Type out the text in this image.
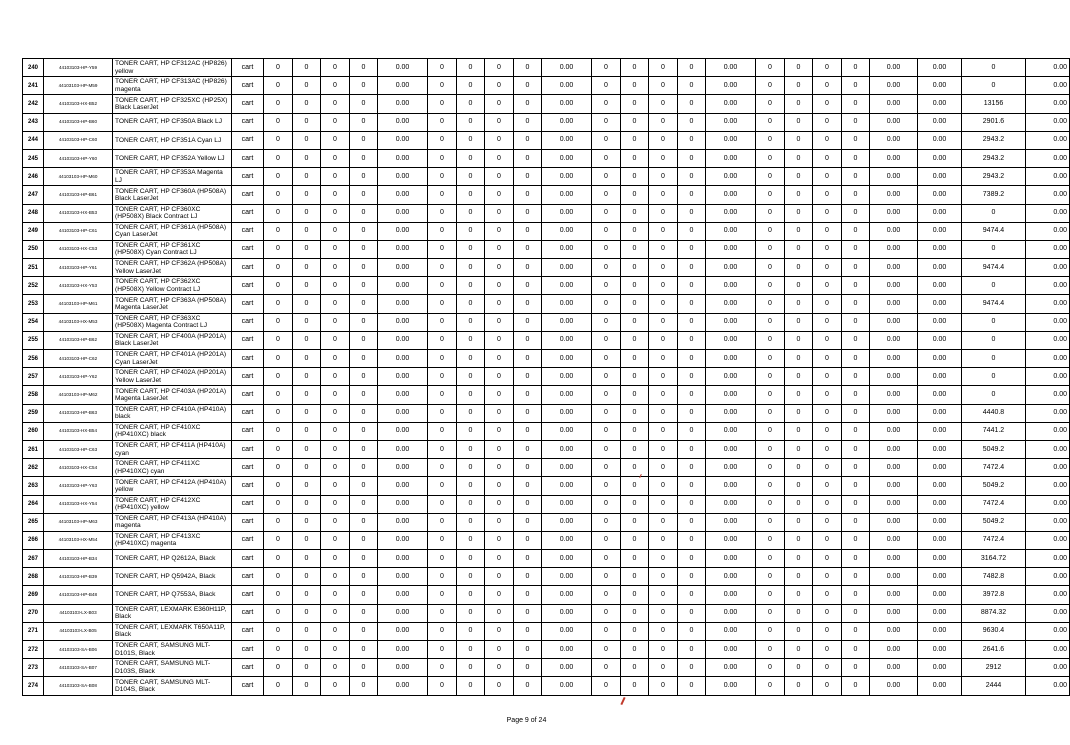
240	44103103-HP-Y59	TONER CART, HP CF312AC (HP826) yellow	cart	0	0	0	0	0.00	0	0	0	0	0.00	0	0	0	0	0.00	0	0	0	0	0.00	0.00	0	0.00
241	44103103-HP-M59	TONER CART, HP CF313AC (HP826) magenta	cart	0	0	0	0	0.00	0	0	0	0	0.00	0	0	0	0	0.00	0	0	0	0	0.00	0.00	0	0.00
242	44103103-HX-B52	TONER CART, HP CF325XC (HP25X) Black LaserJet	cart	0	0	0	0	0.00	0	0	0	0	0.00	0	0	0	0	0.00	0	0	0	0	0.00	0.00	13156	0.00
243	44103103-HP-B60	TONER CART, HP CF350A Black LJ	cart	0	0	0	0	0.00	0	0	0	0	0.00	0	0	0	0	0.00	0	0	0	0	0.00	0.00	2901.6	0.00
244	44103103-HP-C60	TONER CART, HP CF351A Cyan LJ	cart	0	0	0	0	0.00	0	0	0	0	0.00	0	0	0	0	0.00	0	0	0	0	0.00	0.00	2943.2	0.00
245	44103103-HP-Y60	TONER CART, HP CF352A Yellow LJ	cart	0	0	0	0	0.00	0	0	0	0	0.00	0	0	0	0	0.00	0	0	0	0	0.00	0.00	2943.2	0.00
246	44103103-HP-M60	TONER CART, HP CF353A Magenta LJ	cart	0	0	0	0	0.00	0	0	0	0	0.00	0	0	0	0	0.00	0	0	0	0	0.00	0.00	2943.2	0.00
247	44103103-HP-B61	TONER CART, HP CF360A (HP508A) Black LaserJet	cart	0	0	0	0	0.00	0	0	0	0	0.00	0	0	0	0	0.00	0	0	0	0	0.00	0.00	7389.2	0.00
248	44103103-HX-B53	TONER CART, HP CF360XC (HP508X) Black Contract LJ	cart	0	0	0	0	0.00	0	0	0	0	0.00	0	0	0	0	0.00	0	0	0	0	0.00	0.00	0	0.00
249	44103103-HP-C61	TONER CART, HP CF361A (HP508A) Cyan LaserJet	cart	0	0	0	0	0.00	0	0	0	0	0.00	0	0	0	0	0.00	0	0	0	0	0.00	0.00	9474.4	0.00
250	44103103-HX-C53	TONER CART, HP CF361XC (HP508X) Cyan Contract LJ	cart	0	0	0	0	0.00	0	0	0	0	0.00	0	0	0	0	0.00	0	0	0	0	0.00	0.00	0	0.00
251	44103103-HP-Y61	TONER CART, HP CF362A (HP508A) Yellow LaserJet	cart	0	0	0	0	0.00	0	0	0	0	0.00	0	0	0	0	0.00	0	0	0	0	0.00	0.00	9474.4	0.00
252	44103103-HX-Y53	TONER CART, HP CF362XC (HP508X) Yellow Contract LJ	cart	0	0	0	0	0.00	0	0	0	0	0.00	0	0	0	0	0.00	0	0	0	0	0.00	0.00	0	0.00
253	44103103-HP-M61	TONER CART, HP CF363A (HP508A) Magenta LaserJet	cart	0	0	0	0	0.00	0	0	0	0	0.00	0	0	0	0	0.00	0	0	0	0	0.00	0.00	9474.4	0.00
254	44103103-HX-M53	TONER CART, HP CF363XC (HP508X) Magenta Contract LJ	cart	0	0	0	0	0.00	0	0	0	0	0.00	0	0	0	0	0.00	0	0	0	0	0.00	0.00	0	0.00
255	44103103-HP-B62	TONER CART, HP CF400A (HP201A) Black LaserJet	cart	0	0	0	0	0.00	0	0	0	0	0.00	0	0	0	0	0.00	0	0	0	0	0.00	0.00	0	0.00
256	44103103-HP-C62	TONER CART, HP CF401A (HP201A) Cyan LaserJet	cart	0	0	0	0	0.00	0	0	0	0	0.00	0	0	0	0	0.00	0	0	0	0	0.00	0.00	0	0.00
257	44103103-HP-Y62	TONER CART, HP CF402A (HP201A) Yellow LaserJet	cart	0	0	0	0	0.00	0	0	0	0	0.00	0	0	0	0	0.00	0	0	0	0	0.00	0.00	0	0.00
258	44103103-HP-M62	TONER CART, HP CF403A (HP201A) Magenta LaserJet	cart	0	0	0	0	0.00	0	0	0	0	0.00	0	0	0	0	0.00	0	0	0	0	0.00	0.00	0	0.00
259	44103103-HP-B63	TONER CART, HP CF410A (HP410A) black	cart	0	0	0	0	0.00	0	0	0	0	0.00	0	0	0	0	0.00	0	0	0	0	0.00	0.00	4440.8	0.00
260	44103103-HX-B54	TONER CART, HP CF410XC (HP410XC) black	cart	0	0	0	0	0.00	0	0	0	0	0.00	0	0	0	0	0.00	0	0	0	0	0.00	0.00	7441.2	0.00
261	44103103-HP-C63	TONER CART, HP CF411A (HP410A) cyan	cart	0	0	0	0	0.00	0	0	0	0	0.00	0	0	0	0	0.00	0	0	0	0	0.00	0.00	5049.2	0.00
262	44103103-HX-C54	TONER CART, HP CF411XC (HP410XC) cyan	cart	0	0	0	0	0.00	0	0	0	0	0.00	0	0	0	0	0.00	0	0	0	0	0.00	0.00	7472.4	0.00
263	44103103-HP-Y63	TONER CART, HP CF412A (HP410A) yellow	cart	0	0	0	0	0.00	0	0	0	0	0.00	0	0	0	0	0.00	0	0	0	0	0.00	0.00	5049.2	0.00
264	44103103-HX-Y54	TONER CART, HP CF412XC (HP410XC) yellow	cart	0	0	0	0	0.00	0	0	0	0	0.00	0	0	0	0	0.00	0	0	0	0	0.00	0.00	7472.4	0.00
265	44103103-HP-M63	TONER CART, HP CF413A (HP410A) magenta	cart	0	0	0	0	0.00	0	0	0	0	0.00	0	0	0	0	0.00	0	0	0	0	0.00	0.00	5049.2	0.00
266	44103103-HX-M54	TONER CART, HP CF413XC (HP410XC) magenta	cart	0	0	0	0	0.00	0	0	0	0	0.00	0	0	0	0	0.00	0	0	0	0	0.00	0.00	7472.4	0.00
267	44103103-HP-B34	TONER CART, HP Q2612A, Black	cart	0	0	0	0	0.00	0	0	0	0	0.00	0	0	0	0	0.00	0	0	0	0	0.00	0.00	3164.72	0.00
268	44103103-HP-B39	TONER CART, HP Q5942A, Black	cart	0	0	0	0	0.00	0	0	0	0	0.00	0	0	0	0	0.00	0	0	0	0	0.00	0.00	7482.8	0.00
269	44103103-HP-B48	TONER CART, HP Q7553A, Black	cart	0	0	0	0	0.00	0	0	0	0	0.00	0	0	0	0	0.00	0	0	0	0	0.00	0.00	3972.8	0.00
270	44103103-LX-B03	TONER CART, LEXMARK E360H11P, Black	cart	0	0	0	0	0.00	0	0	0	0	0.00	0	0	0	0	0.00	0	0	0	0	0.00	0.00	8874.32	0.00
271	44103103-LX-B05	TONER CART, LEXMARK T650A11P, Black	cart	0	0	0	0	0.00	0	0	0	0	0.00	0	0	0	0	0.00	0	0	0	0	0.00	0.00	9630.4	0.00
272	44103103-SA-B06	TONER CART, SAMSUNG MLT-D101S, Black	cart	0	0	0	0	0.00	0	0	0	0	0.00	0	0	0	0	0.00	0	0	0	0	0.00	0.00	2641.6	0.00
273	44103103-SA-B07	TONER CART, SAMSUNG MLT-D103S, Black	cart	0	0	0	0	0.00	0	0	0	0	0.00	0	0	0	0	0.00	0	0	0	0	0.00	0.00	2912	0.00
274	44103103-SA-B08	TONER CART, SAMSUNG MLT-D104S, Black	cart	0	0	0	0	0.00	0	0	0	0	0.00	0	0	0	0	0.00	0	0	0	0	0.00	0.00	2444	0.00
Page 9 of 24
